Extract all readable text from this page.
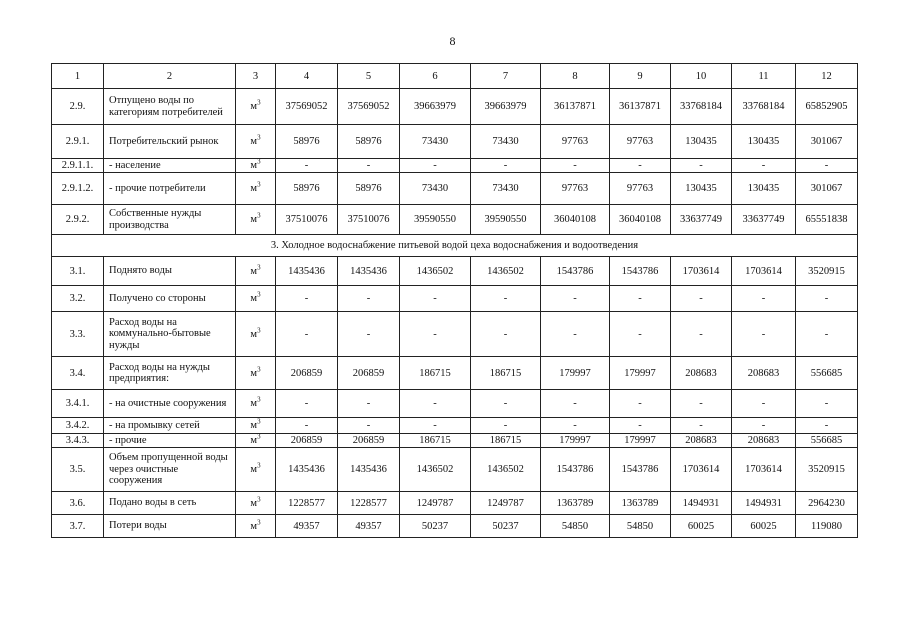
8
1	2	3	4	5	6	7	8	9	10	11	12
2.9.	Отпущено воды по категориям потребителей	$м^3$	37569052	37569052	39663979	39663979	36137871	36137871	33768184	33768184	65852905
2.9.1.	Потребительский рынок	$м^3$	58976	58976	73430	73430	97763	97763	130435	130435	301067
2.9.1.1.	- население	$м^3$	-	-	-	-	-	-	-	-	-
2.9.1.2.	- прочие потребители	$м^3$	58976	58976	73430	73430	97763	97763	130435	130435	301067
2.9.2.	Собственные нужды производства	$м^3$	37510076	37510076	39590550	39590550	36040108	36040108	33637749	33637749	65551838
3. Холодное водоснабжение питьевой водой цеха водоснабжения и водоотведения											
3.1.	Поднято воды	$м^3$	1435436	1435436	1436502	1436502	1543786	1543786	1703614	1703614	3520915
3.2.	Получено со стороны	$м^3$	-	-	-	-	-	-	-	-	-
3.3.	Расход воды на коммунально-бытовые нужды	$м^3$	-	-	-	-	-	-	-	-	-
3.4.	Расход воды на нужды предприятия:	$м^3$	206859	206859	186715	186715	179997	179997	208683	208683	556685
3.4.1.	- на очистные сооружения	$м^3$	-	-	-	-	-	-	-	-	-
3.4.2.	- на промывку сетей	$м^3$	-	-	-	-	-	-	-	-	-
3.4.3.	- прочие	$м^3$	206859	206859	186715	186715	179997	179997	208683	208683	556685
3.5.	Объем пропущенной воды через очистные сооружения	$м^3$	1435436	1435436	1436502	1436502	1543786	1543786	1703614	1703614	3520915
3.6.	Подано воды в сеть	$м^3$	1228577	1228577	1249787	1249787	1363789	1363789	1494931	1494931	2964230
3.7.	Потери воды	$м^3$	49357	49357	50237	50237	54850	54850	60025	60025	119080
